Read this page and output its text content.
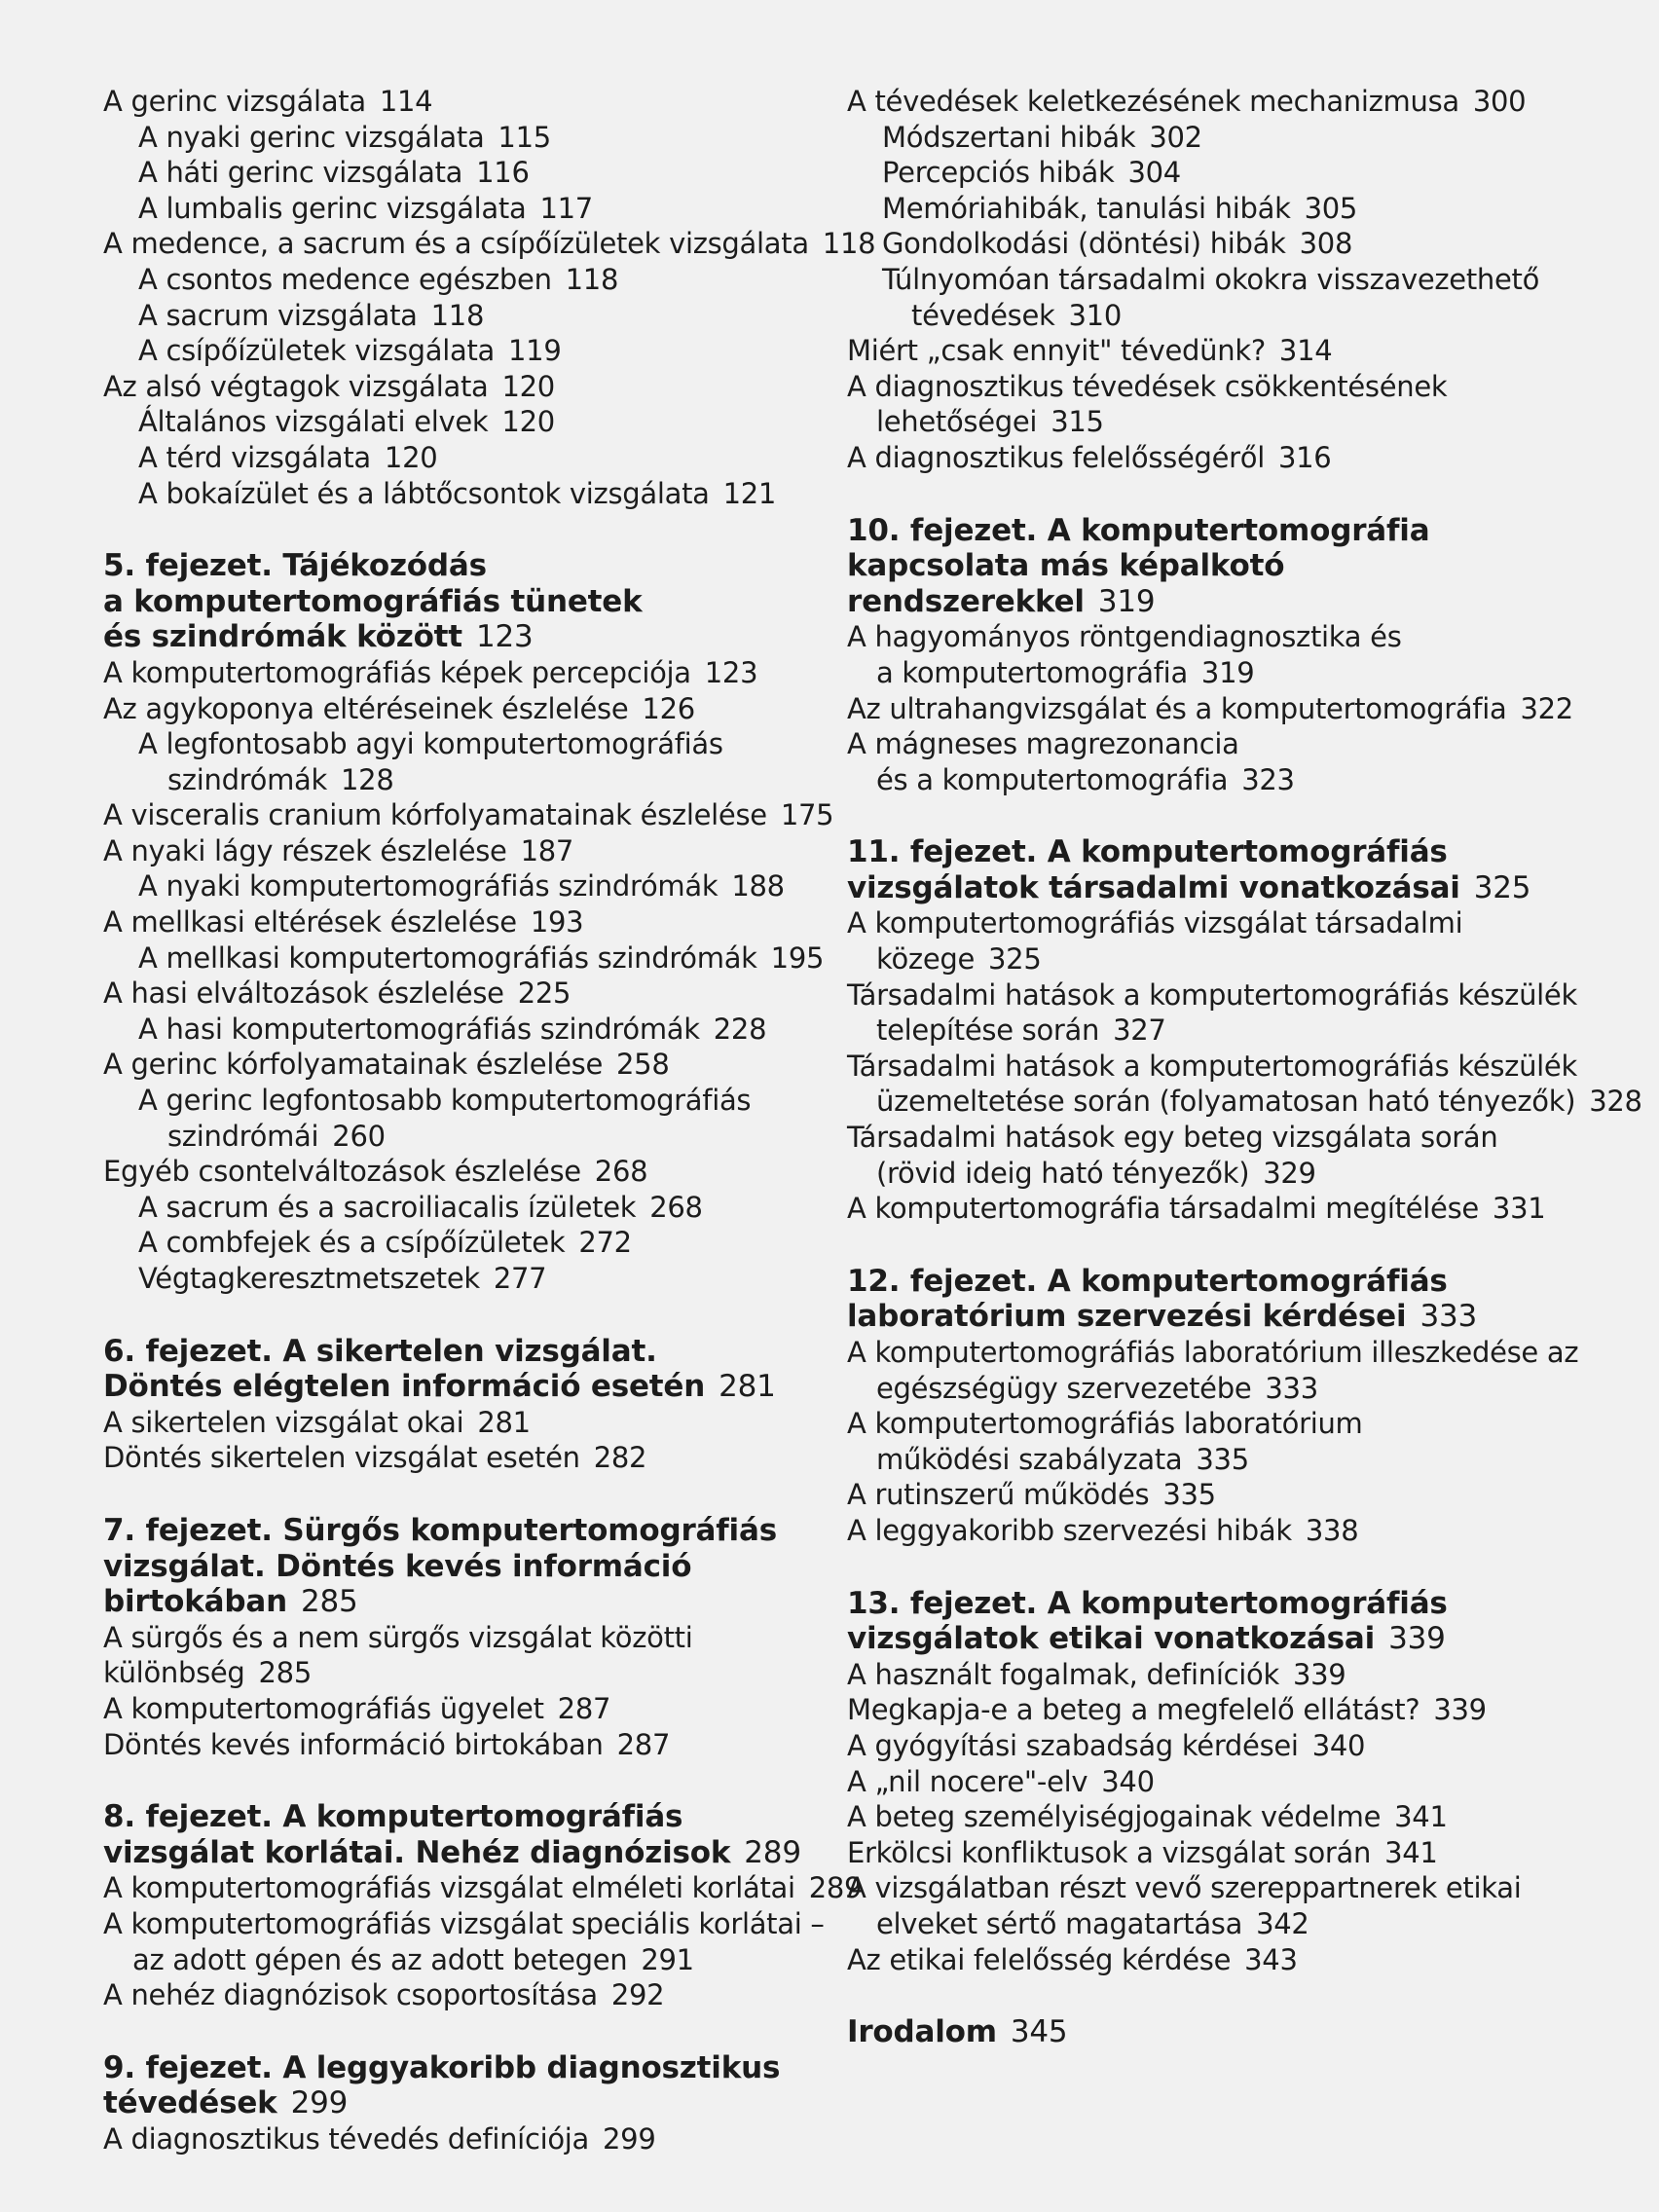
A gerinc vizsgálata 114
A nyaki gerinc vizsgálata 115
A háti gerinc vizsgálata 116
A lumbalis gerinc vizsgálata 117
A medence, a sacrum és a csípőízületek vizsgálata 118
A csontos medence egészben 118
A sacrum vizsgálata 118
A csípőízületek vizsgálata 119
Az alsó végtagok vizsgálata 120
Általános vizsgálati elvek 120
A térd vizsgálata 120
A bokaízület és a lábtőcsontok vizsgálata 121
5. fejezet. Tájékozódás
a komputertomográfiás tünetek
és szindrómák között 123
A komputertomográfiás képek percepciója 123
Az agykoponya eltéréseinek észlelése 126
A legfontosabb agyi komputertomográfiás
szindrómák 128
A visceralis cranium kórfolyamatainak észlelése 175
A nyaki lágy részek észlelése 187
A nyaki komputertomográfiás szindrómák 188
A mellkasi eltérések észlelése 193
A mellkasi komputertomográfiás szindrómák 195
A hasi elváltozások észlelése 225
A hasi komputertomográfiás szindrómák 228
A gerinc kórfolyamatainak észlelése 258
A gerinc legfontosabb komputertomográfiás
szindrómái 260
Egyéb csontelváltozások észlelése 268
A sacrum és a sacroiliacalis ízületek 268
A combfejek és a csípőízületek 272
Végtagkeresztmetszetek 277
6. fejezet. A sikertelen vizsgálat.
Döntés elégtelen információ esetén 281
A sikertelen vizsgálat okai 281
Döntés sikertelen vizsgálat esetén 282
7. fejezet. Sürgős komputertomográfiás
vizsgálat. Döntés kevés információ
birtokában 285
A sürgős és a nem sürgős vizsgálat közötti
különbség 285
A komputertomográfiás ügyelet 287
Döntés kevés információ birtokában 287
8. fejezet. A komputertomográfiás
vizsgálat korlátai. Nehéz diagnózisok 289
A komputertomográfiás vizsgálat elméleti korlátai 289
A komputertomográfiás vizsgálat speciális korlátai –
az adott gépen és az adott betegen 291
A nehéz diagnózisok csoportosítása 292
9. fejezet. A leggyakoribb diagnosztikus
tévedések 299
A diagnosztikus tévedés definíciója 299
A tévedések keletkezésének mechanizmusa 300
Módszertani hibák 302
Percepciós hibák 304
Memóriahibák, tanulási hibák 305
Gondolkodási (döntési) hibák 308
Túlnyomóan társadalmi okokra visszavezethető
tévedések 310
Miért „csak ennyit" tévedünk? 314
A diagnosztikus tévedések csökkentésének
lehetőségei 315
A diagnosztikus felelősségéről 316
10. fejezet. A komputertomográfia
kapcsolata más képalkotó
rendszerekkel 319
A hagyományos röntgendiagnosztika és
a komputertomográfia 319
Az ultrahangvizsgálat és a komputertomográfia 322
A mágneses magrezonancia
és a komputertomográfia 323
11. fejezet. A komputertomográfiás
vizsgálatok társadalmi vonatkozásai 325
A komputertomográfiás vizsgálat társadalmi
közege 325
Társadalmi hatások a komputertomográfiás készülék
telepítése során 327
Társadalmi hatások a komputertomográfiás készülék
üzemeltetése során (folyamatosan ható tényezők) 328
Társadalmi hatások egy beteg vizsgálata során
(rövid ideig ható tényezők) 329
A komputertomográfia társadalmi megítélése 331
12. fejezet. A komputertomográfiás
laboratórium szervezési kérdései 333
A komputertomográfiás laboratórium illeszkedése az
egészségügy szervezetébe 333
A komputertomográfiás laboratórium
működési szabályzata 335
A rutinszerű működés 335
A leggyakoribb szervezési hibák 338
13. fejezet. A komputertomográfiás
vizsgálatok etikai vonatkozásai 339
A használt fogalmak, definíciók 339
Megkapja-e a beteg a megfelelő ellátást? 339
A gyógyítási szabadság kérdései 340
A „nil nocere"-elv 340
A beteg személyiségjogainak védelme 341
Erkölcsi konfliktusok a vizsgálat során 341
A vizsgálatban részt vevő szereppartnerek etikai
elveket sértő magatartása 342
Az etikai felelősség kérdése 343
Irodalom 345
